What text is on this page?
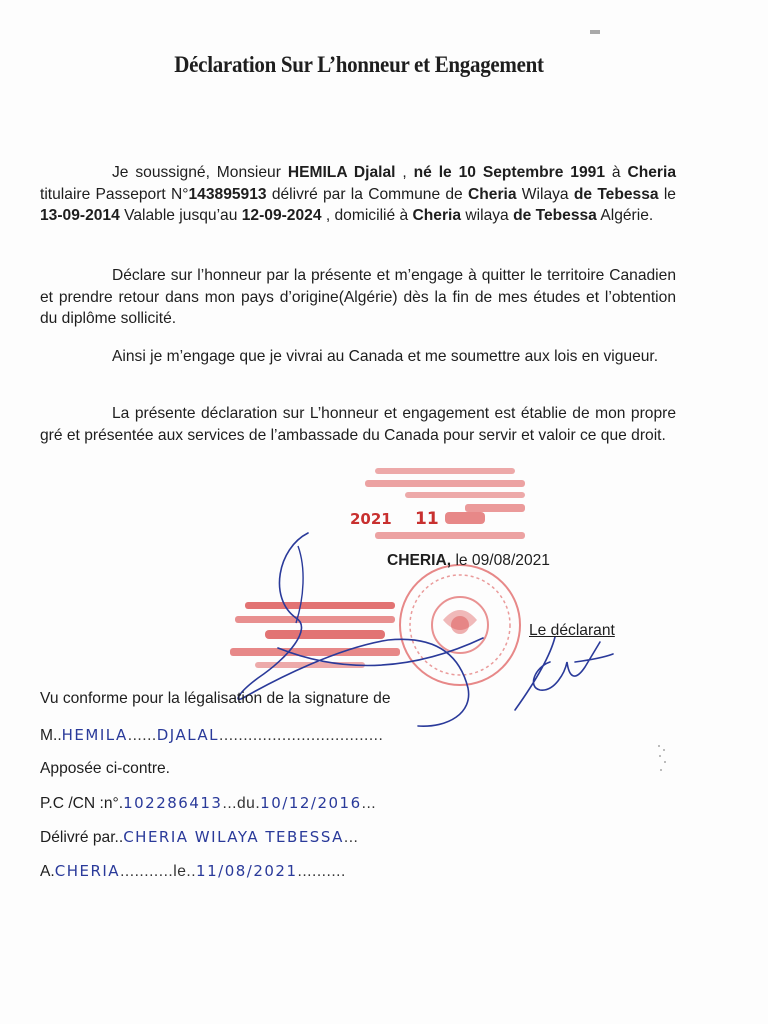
Déclaration Sur L’honneur et Engagement
Je soussigné, Monsieur HEMILA Djalal , né le 10 Septembre 1991 à Cheria titulaire Passeport N°143895913 délivré par la Commune de Cheria Wilaya de Tebessa le 13-09-2014 Valable jusqu’au 12-09-2024 , domicilié à Cheria wilaya de Tebessa Algérie.
Déclare sur l’honneur par la présente et m’engage à quitter le territoire Canadien et prendre retour dans mon pays d’origine(Algérie) dès la fin de mes études et l’obtention du diplôme sollicité.
Ainsi je m’engage que je vivrai au Canada et me soumettre aux lois en vigueur.
La présente déclaration sur L’honneur et engagement est établie de mon propre gré et présentée aux services de l’ambassade du Canada pour servir et valoir ce que droit.
2021 11
CHERIA, le 09/08/2021
Le déclarant
Vu conforme pour la légalisation de la signature de
M..HEMILA......DJALAL..................................
Apposée ci-contre.
P.C /CN :n°.102286413...du.10/12/2016...
Délivré par..CHERIA WILAYA TEBESSA...
A.CHERIA...........le..11/08/2021..........
